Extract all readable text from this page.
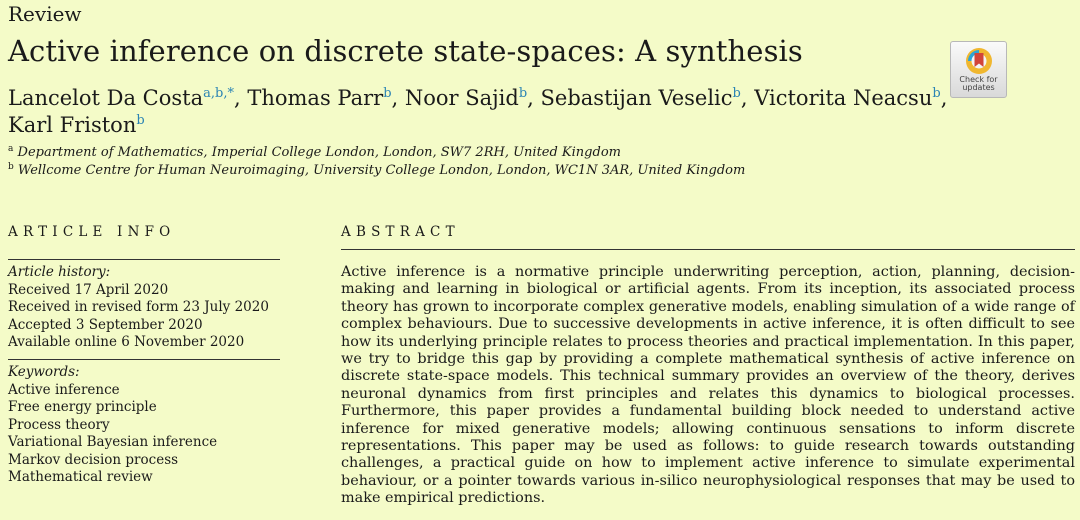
Review
Active inference on discrete state-spaces: A synthesis
Lancelot Da Costa$^{a,b,*}$, Thomas Parr$^b$, Noor Sajid$^b$, Sebastijan Veselic$^b$, Victorita Neacsu$^b$,
Karl Friston$^b$
$^a$ Department of Mathematics, Imperial College London, London, SW7 2RH, United Kingdom
$^b$ Wellcome Centre for Human Neuroimaging, University College London, London, WC1N 3AR, United Kingdom
Check for
updates
ARTICLE INFO	ABSTRACT
Article history:
Received 17 April 2020
Received in revised form 23 July 2020
Accepted 3 September 2020
Available online 6 November 2020
Keywords:
Active inference
Free energy principle
Process theory
Variational Bayesian inference
Markov decision process
Mathematical review
Active inference is a normative principle underwriting perception, action, planning, decision-making and learning in biological or artificial agents. From its inception, its associated process theory has grown to incorporate complex generative models, enabling simulation of a wide range of complex behaviours. Due to successive developments in active inference, it is often difficult to see how its underlying principle relates to process theories and practical implementation. In this paper, we try to bridge this gap by providing a complete mathematical synthesis of active inference on discrete state-space models. This technical summary provides an overview of the theory, derives neuronal dynamics from first principles and relates this dynamics to biological processes. Furthermore, this paper provides a fundamental building block needed to understand active inference for mixed generative models; allowing continuous sensations to inform discrete representations. This paper may be used as follows: to guide research towards outstanding challenges, a practical guide on how to implement active inference to simulate experimental behaviour, or a pointer towards various in-silico neurophysiological responses that may be used to make empirical predictions.
